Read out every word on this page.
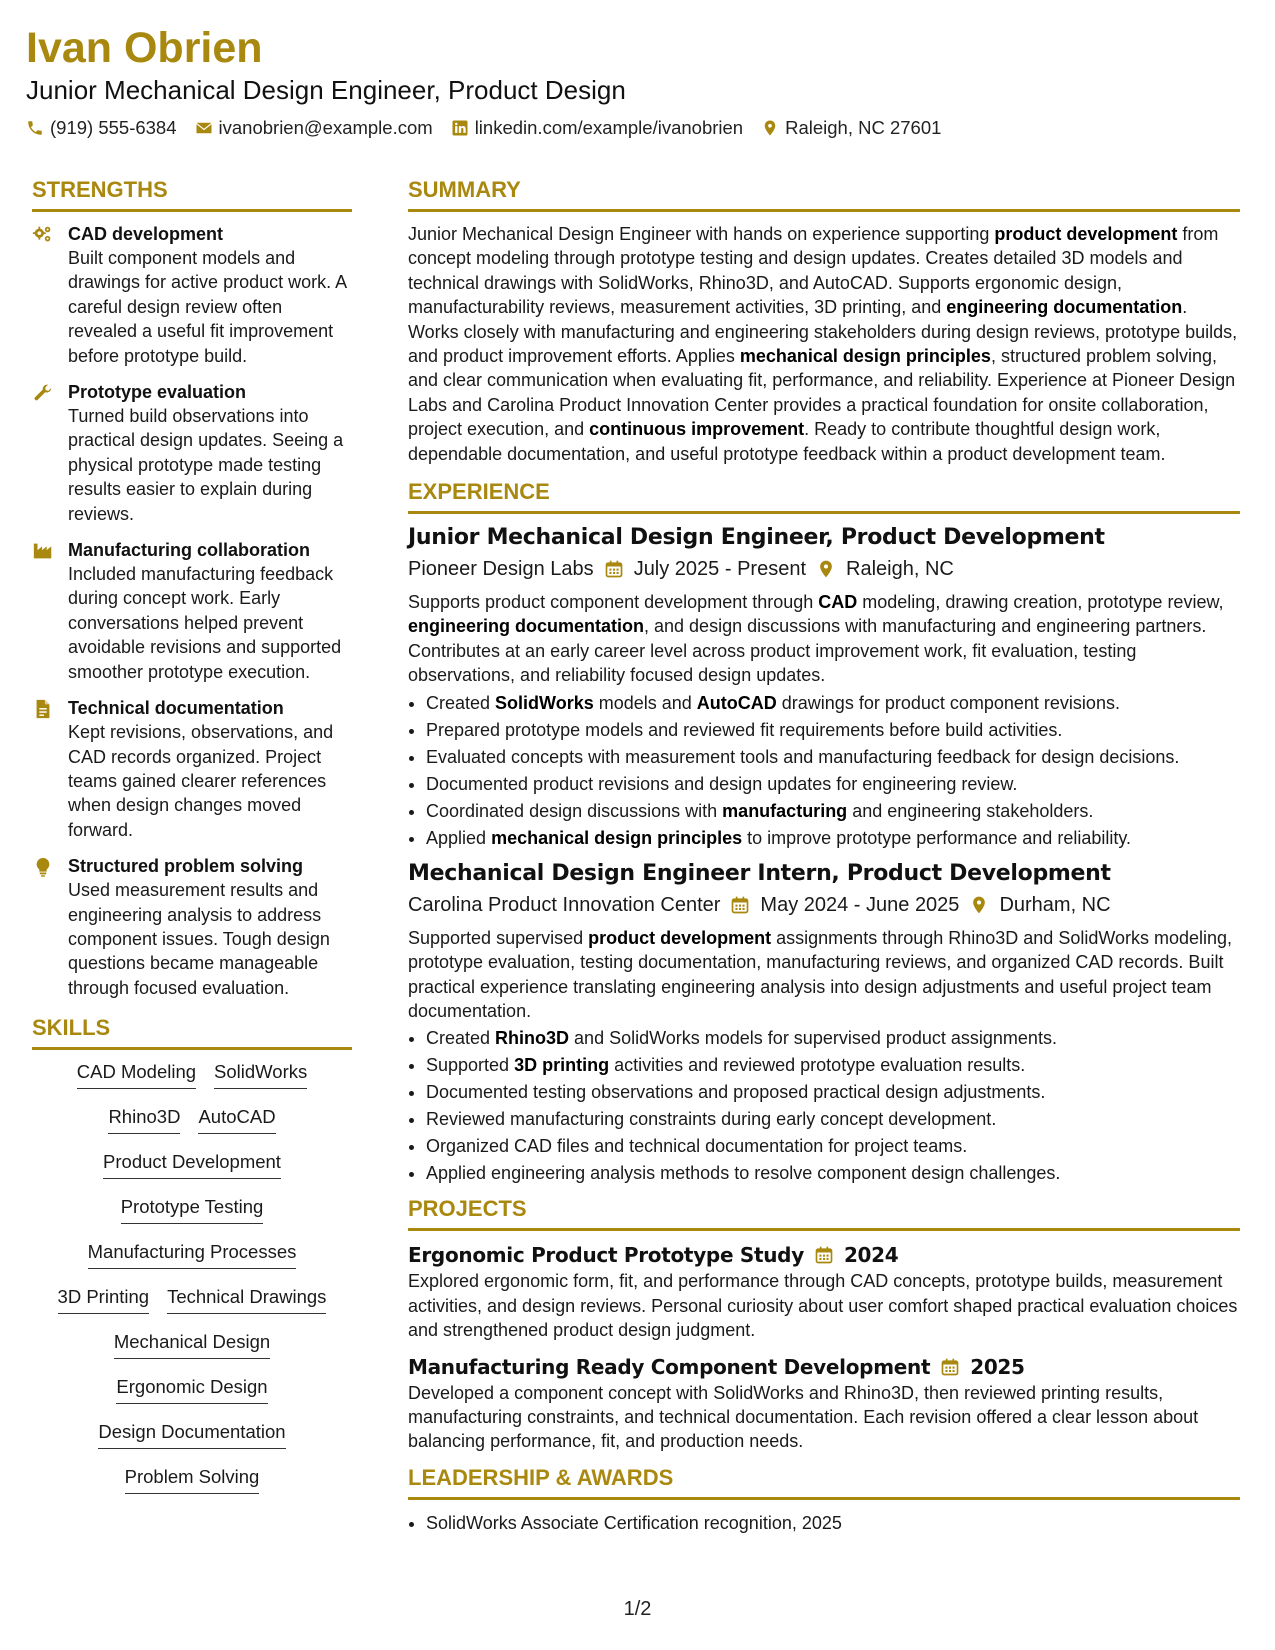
Ivan Obrien
Junior Mechanical Design Engineer, Product Design
(919) 555-6384 ivanobrien@example.com linkedin.com/example/ivanobrien Raleigh, NC 27601
STRENGTHS
CAD development
Built component models and drawings for active product work. A careful design review often revealed a useful fit improvement before prototype build.
Prototype evaluation
Turned build observations into practical design updates. Seeing a physical prototype made testing results easier to explain during reviews.
Manufacturing collaboration
Included manufacturing feedback during concept work. Early conversations helped prevent avoidable revisions and supported smoother prototype execution.
Technical documentation
Kept revisions, observations, and CAD records organized. Project teams gained clearer references when design changes moved forward.
Structured problem solving
Used measurement results and engineering analysis to address component issues. Tough design questions became manageable through focused evaluation.
SKILLS
CAD Modeling SolidWorks
Rhino3D AutoCAD
Product Development
Prototype Testing
Manufacturing Processes
3D Printing Technical Drawings
Mechanical Design
Ergonomic Design
Design Documentation
Problem Solving
SUMMARY
Junior Mechanical Design Engineer with hands on experience supporting product development from concept modeling through prototype testing and design updates. Creates detailed 3D models and technical drawings with SolidWorks, Rhino3D, and AutoCAD. Supports ergonomic design, manufacturability reviews, measurement activities, 3D printing, and engineering documentation. Works closely with manufacturing and engineering stakeholders during design reviews, prototype builds, and product improvement efforts. Applies mechanical design principles, structured problem solving, and clear communication when evaluating fit, performance, and reliability. Experience at Pioneer Design Labs and Carolina Product Innovation Center provides a practical foundation for onsite collaboration, project execution, and continuous improvement. Ready to contribute thoughtful design work, dependable documentation, and useful prototype feedback within a product development team.
EXPERIENCE
Junior Mechanical Design Engineer, Product Development
Pioneer Design Labs July 2025 - Present Raleigh, NC
Supports product component development through CAD modeling, drawing creation, prototype review, engineering documentation, and design discussions with manufacturing and engineering partners. Contributes at an early career level across product improvement work, fit evaluation, testing observations, and reliability focused design updates.
• Created SolidWorks models and AutoCAD drawings for product component revisions.
• Prepared prototype models and reviewed fit requirements before build activities.
• Evaluated concepts with measurement tools and manufacturing feedback for design decisions.
• Documented product revisions and design updates for engineering review.
• Coordinated design discussions with manufacturing and engineering stakeholders.
• Applied mechanical design principles to improve prototype performance and reliability.
Mechanical Design Engineer Intern, Product Development
Carolina Product Innovation Center May 2024 - June 2025 Durham, NC
Supported supervised product development assignments through Rhino3D and SolidWorks modeling, prototype evaluation, testing documentation, manufacturing reviews, and organized CAD records. Built practical experience translating engineering analysis into design adjustments and useful project team documentation.
• Created Rhino3D and SolidWorks models for supervised product assignments.
• Supported 3D printing activities and reviewed prototype evaluation results.
• Documented testing observations and proposed practical design adjustments.
• Reviewed manufacturing constraints during early concept development.
• Organized CAD files and technical documentation for project teams.
• Applied engineering analysis methods to resolve component design challenges.
PROJECTS
Ergonomic Product Prototype Study 2024
Explored ergonomic form, fit, and performance through CAD concepts, prototype builds, measurement activities, and design reviews. Personal curiosity about user comfort shaped practical evaluation choices and strengthened product design judgment.
Manufacturing Ready Component Development 2025
Developed a component concept with SolidWorks and Rhino3D, then reviewed printing results, manufacturing constraints, and technical documentation. Each revision offered a clear lesson about balancing performance, fit, and production needs.
LEADERSHIP & AWARDS
• SolidWorks Associate Certification recognition, 2025
1/2
